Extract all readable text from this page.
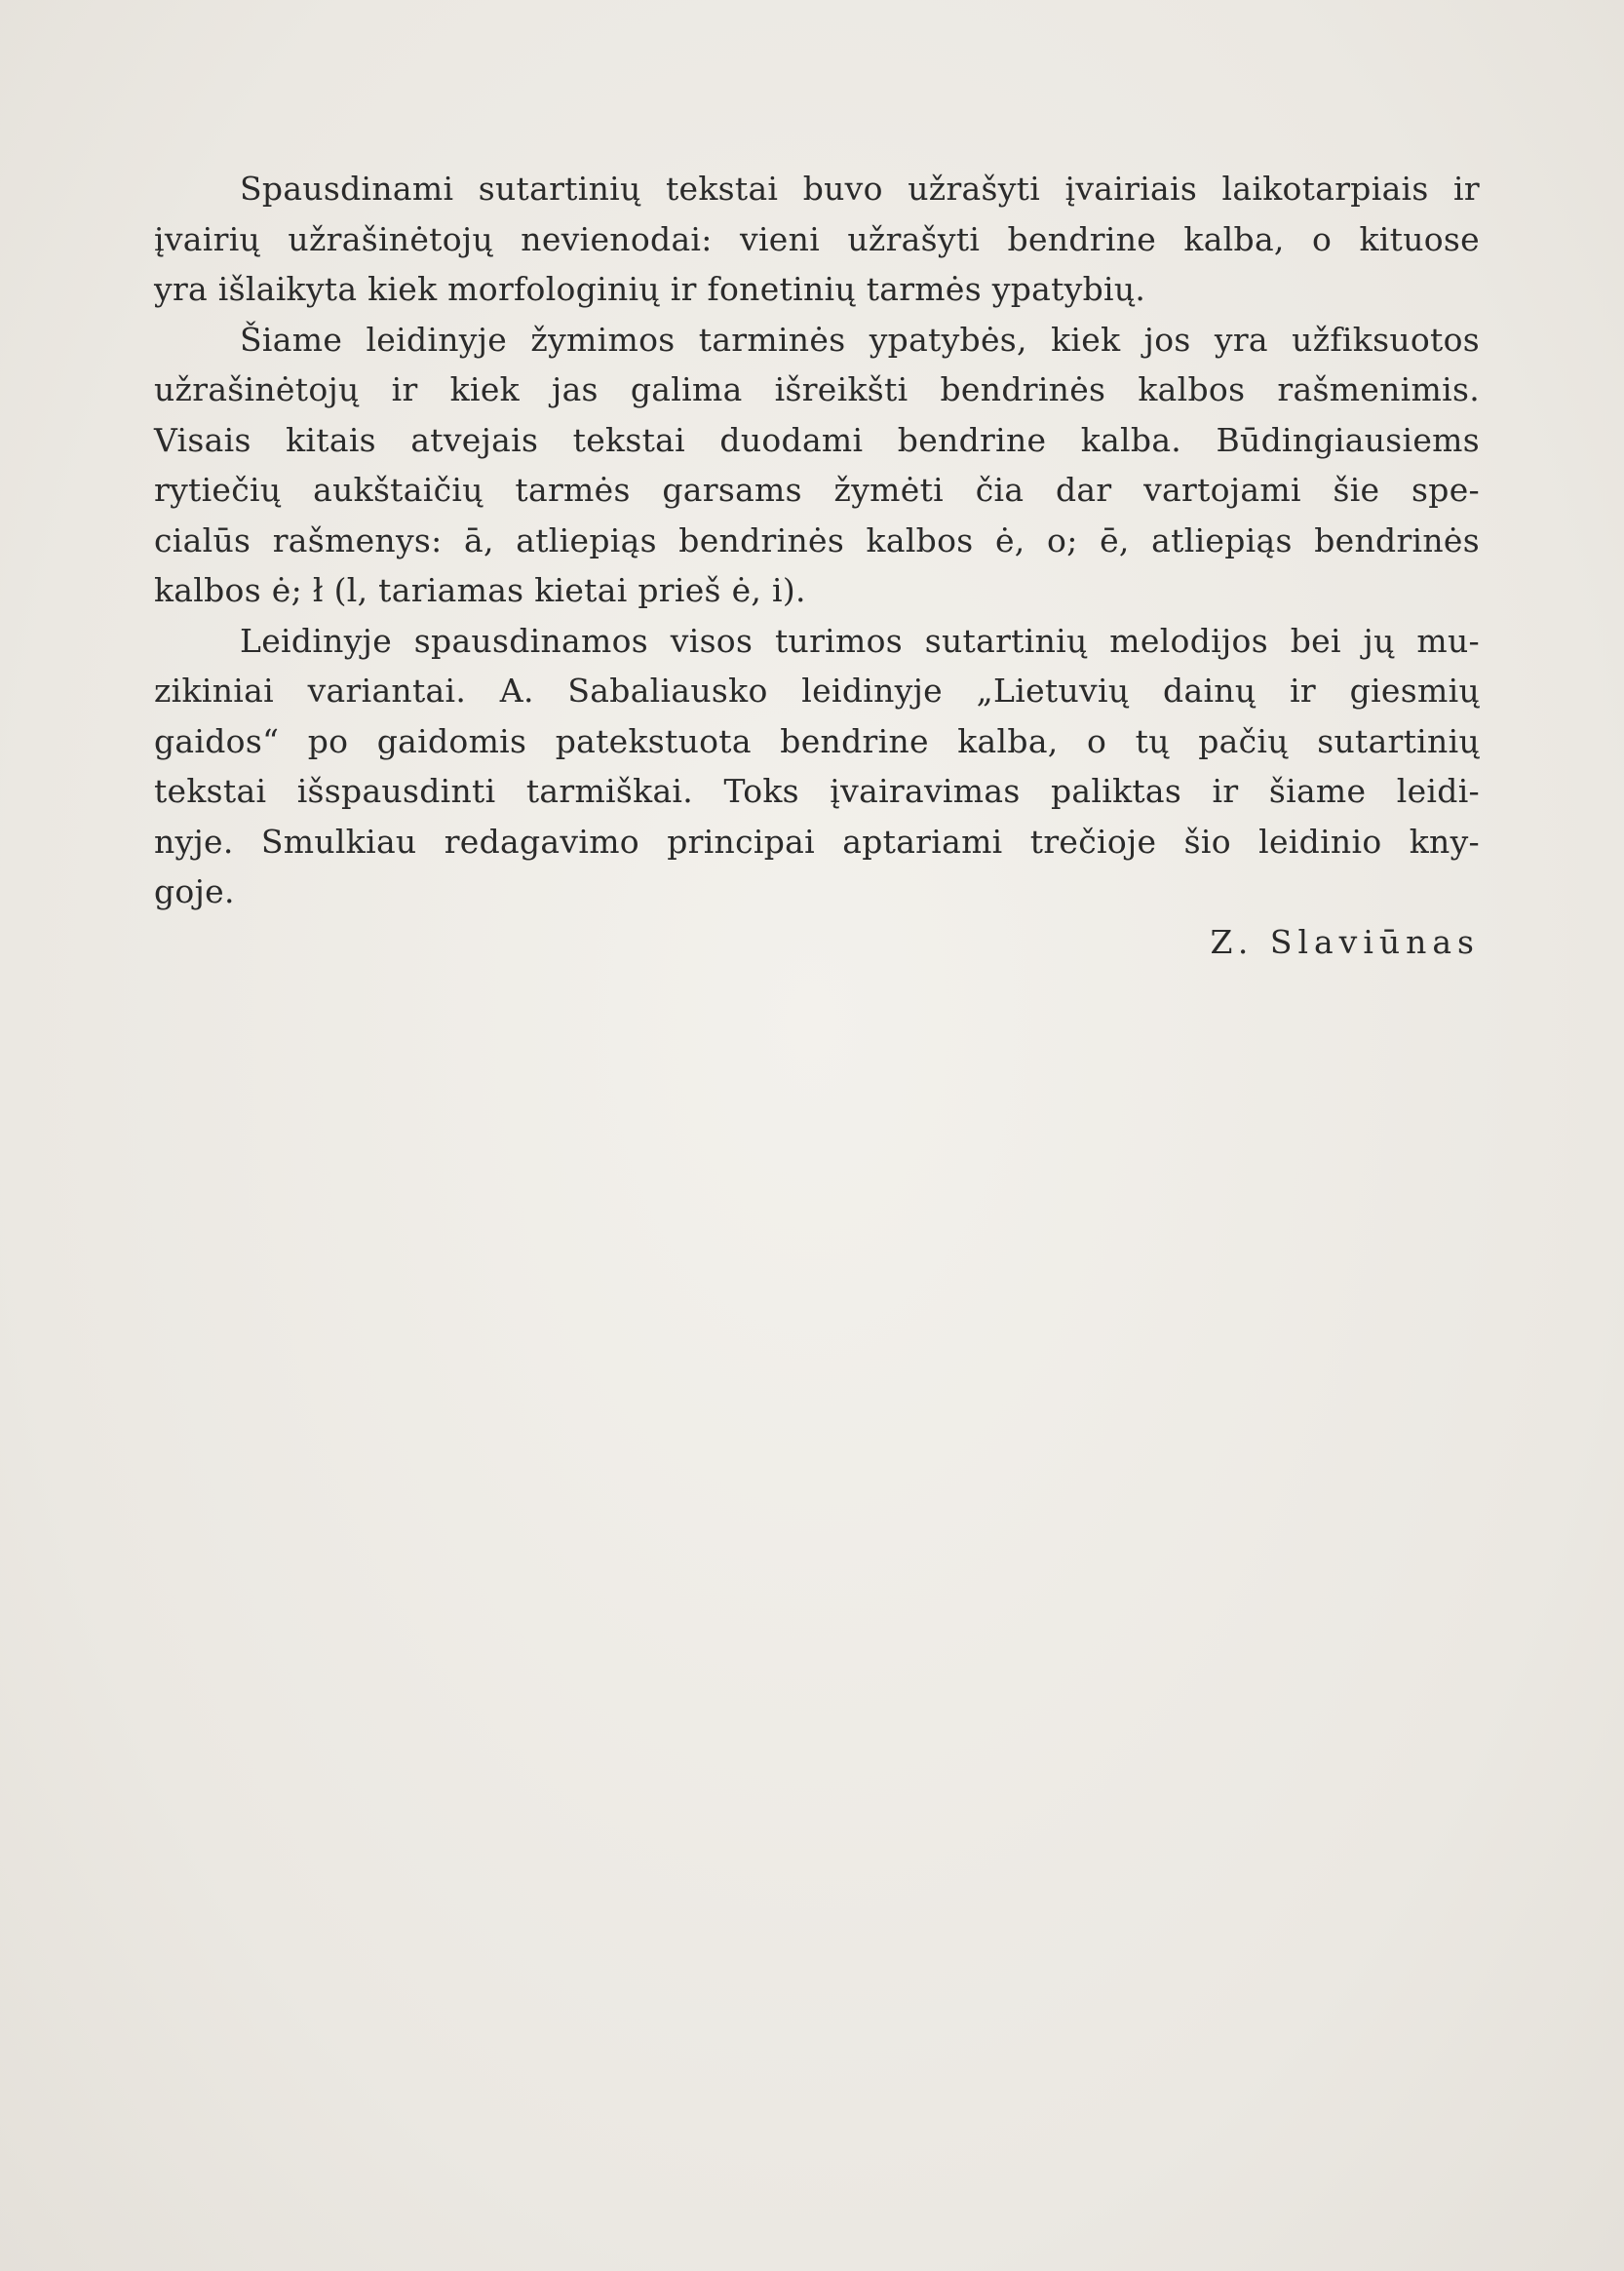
Spausdinami sutartinių tekstai buvo užrašyti įvairiais laikotarpiais ir
įvairių užrašinėtojų nevienodai: vieni užrašyti bendrine kalba, o kituose
yra išlaikyta kiek morfologinių ir fonetinių tarmės ypatybių.

Šiame leidinyje žymimos tarminės ypatybės, kiek jos yra užfiksuotos
užrašinėtojų ir kiek jas galima išreikšti bendrinės kalbos rašmenimis.
Visais kitais atvejais tekstai duodami bendrine kalba. Būdingiausiems
rytiečių aukštaičių tarmės garsams žymėti čia dar vartojami šie spe-
cialūs rašmenys: ā, atliepiąs bendrinės kalbos ė, o; ē, atliepiąs bendrinės
kalbos ė; ł (l, tariamas kietai prieš ė, i).

Leidinyje spausdinamos visos turimos sutartinių melodijos bei jų mu-
zikiniai variantai. A. Sabaliausko leidinyje „Lietuvių dainų ir giesmių
gaidos“ po gaidomis patekstuota bendrine kalba, o tų pačių sutartinių
tekstai išspausdinti tarmiškai. Toks įvairavimas paliktas ir šiame leidi-
nyje. Smulkiau redagavimo principai aptariami trečioje šio leidinio kny-
goje.

Z. Slaviūnas
